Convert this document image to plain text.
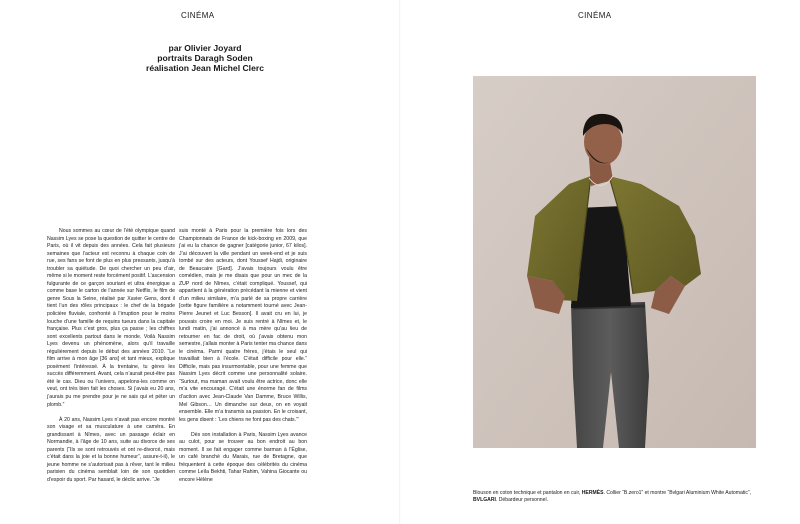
CINÉMA
par Olivier Joyard
portraits Daragh Soden
réalisation Jean Michel Clerc

Nous sommes au cœur de l’été olympique quand Nassim Lyes se pose la question de quitter le centre de Paris, où il vit depuis des années. Cela fait plusieurs semaines que l’acteur est reconnu à chaque coin de rue, ses fans se font de plus en plus pressants, jusqu’à troubler sa quiétude. De quoi chercher un peu d’air, même si le moment reste forcément positif. L’ascension fulgurante de ce garçon souriant et ultra énergique a comme base le carton de l’année sur Netflix, le film de genre Sous la Seine, réalisé par Xavier Gens, dont il tient l’un des rôles principaux : le chef de la brigade policière fluviale, confronté à l’irruption pour le moins louche d’une famille de requins tueurs dans la capitale française. Plus c’est gros, plus ça passe ; les chiffres sont excellents partout dans le monde. Voilà Nassim Lyes devenu un phénomène, alors qu’il travaille régulièrement depuis le début des années 2010. “Le film arrive à mon âge [36 ans] et tant mieux, explique posément l’intéressé. À la trentaine, tu gères les succès différemment. Avant, cela n’aurait peut-être pas été le cas. Dieu ou l’univers, appelons-les comme on veut, ont très bien fait les choses. Si j’avais eu 20 ans, j’aurais pu me prendre pour je ne sais qui et péter un plomb.”

À 20 ans, Nassim Lyes n’avait pas encore montré son visage et sa musculature à une caméra. En grandissant à Nîmes, avec un passage éclair en Normandie, à l’âge de 10 ans, suite au divorce de ses parents (“Ils se sont retrouvés et ont re-divorcé, mais c’était dans la joie et la bonne humeur”, assure-t-il), le jeune homme ne s’autorisait pas à rêver, tant le milieu parisien du cinéma semblait loin de son quotidien d’espoir du sport. Par hasard, le déclic arrive. “Je

suis monté à Paris pour la première fois lors des Championnats de France de kick-boxing en 2009, que j’ai eu la chance de gagner [catégorie junior, 67 kilos]. J’ai découvert la ville pendant un week-end et je suis tombé sur des acteurs, dont Youssef Hajdi, originaire de Beaucaire [Gard]. J’avais toujours voulu être comédien, mais je me disais que pour un mec de la ZUP nord de Nîmes, c’était compliqué. Youssef, qui appartient à la génération précédant la mienne et vient d’un milieu similaire, m’a parlé de sa propre carrière [cette figure familière a notamment tourné avec Jean-Pierre Jeunet et Luc Besson]. Il avait cru en lui, je pouvais croire en moi. Je suis rentré à Nîmes et, le lundi matin, j’ai annoncé à ma mère qu’au lieu de retourner en fac de droit, où j’avais obtenu mon semestre, j’allais monter à Paris tenter ma chance dans le cinéma. Parmi quatre frères, j’étais le seul qui travaillait bien à l’école. C’était difficile pour elle.” Difficile, mais pas insurmontable, pour une femme que Nassim Lyes décrit comme une personnalité solaire. “Surtout, ma maman avait voulu être actrice, donc elle m’a vite encouragé. C’était une énorme fan de films d’action avec Jean-Claude Van Damme, Bruce Willis, Mel Gibson… Un dimanche sur deux, on en voyait ensemble. Elle m’a transmis sa passion. En le croisant, les gens disent : ‘Les chiens ne font pas des chats.’”

Dès son installation à Paris, Nassim Lyes avance au culot, pour se trouver au bon endroit au bon moment. Il se fait engager comme barman à l’Église, un café branché du Marais, rue de Bretagne, que fréquentent à cette époque des célébrités du cinéma comme Leïla Bekhti, Tahar Rahim, Vahina Giocante ou encore Hélène

CINÉMA
Blouson en coton technique et pantalon en cuir, HERMÈS. Collier “B.zero1” et montre “Bvlgari Aluminium White Automatic”, BVLGARI. Débardeur personnel.
